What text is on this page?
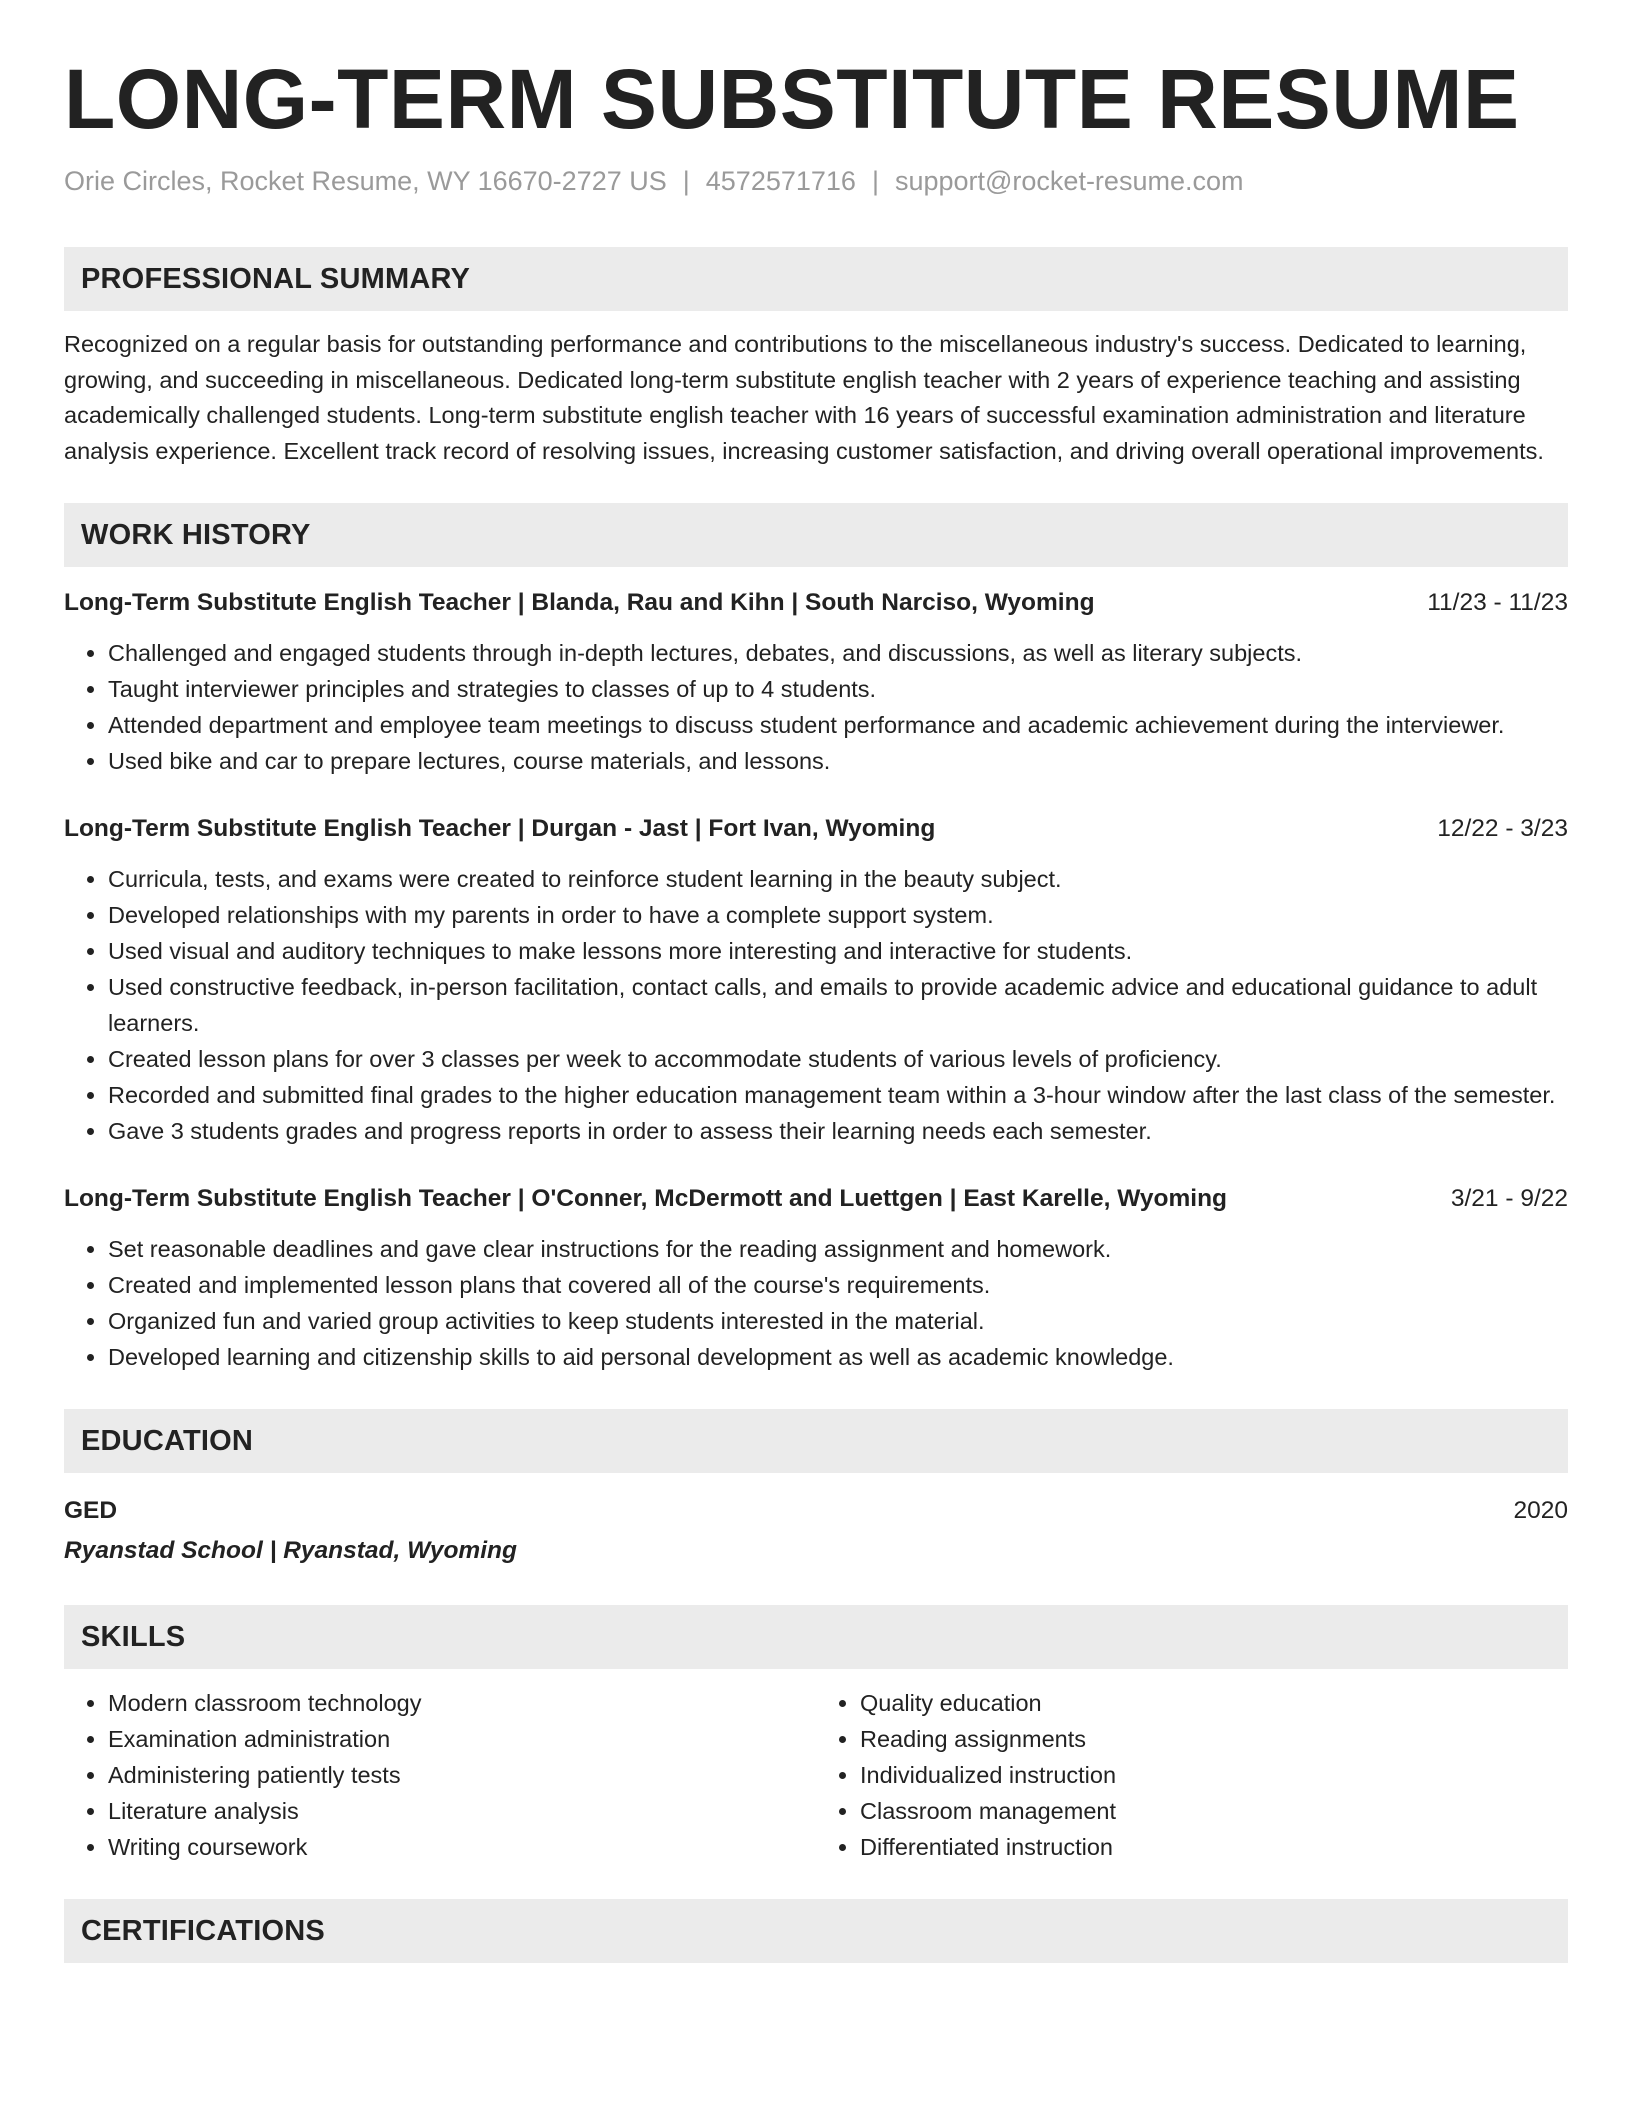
LONG-TERM SUBSTITUTE RESUME
Orie Circles, Rocket Resume, WY 16670-2727 US | 4572571716 | support@rocket-resume.com
PROFESSIONAL SUMMARY

Recognized on a regular basis for outstanding performance and contributions to the miscellaneous industry's success. Dedicated to learning, growing, and succeeding in miscellaneous. Dedicated long-term substitute english teacher with 2 years of experience teaching and assisting academically challenged students. Long-term substitute english teacher with 16 years of successful examination administration and literature analysis experience. Excellent track record of resolving issues, increasing customer satisfaction, and driving overall operational improvements.

WORK HISTORY
Long-Term Substitute English Teacher | Blanda, Rau and Kihn | South Narciso, Wyoming	11/23 - 11/23
• Challenged and engaged students through in-depth lectures, debates, and discussions, as well as literary subjects.
• Taught interviewer principles and strategies to classes of up to 4 students.
• Attended department and employee team meetings to discuss student performance and academic achievement during the interviewer.
• Used bike and car to prepare lectures, course materials, and lessons.
Long-Term Substitute English Teacher | Durgan - Jast | Fort Ivan, Wyoming	12/22 - 3/23
• Curricula, tests, and exams were created to reinforce student learning in the beauty subject.
• Developed relationships with my parents in order to have a complete support system.
• Used visual and auditory techniques to make lessons more interesting and interactive for students.
• Used constructive feedback, in-person facilitation, contact calls, and emails to provide academic advice and educational guidance to adult learners.
• Created lesson plans for over 3 classes per week to accommodate students of various levels of proficiency.
• Recorded and submitted final grades to the higher education management team within a 3-hour window after the last class of the semester.
• Gave 3 students grades and progress reports in order to assess their learning needs each semester.
Long-Term Substitute English Teacher | O'Conner, McDermott and Luettgen | East Karelle, Wyoming	3/21 - 9/22
• Set reasonable deadlines and gave clear instructions for the reading assignment and homework.
• Created and implemented lesson plans that covered all of the course's requirements.
• Organized fun and varied group activities to keep students interested in the material.
• Developed learning and citizenship skills to aid personal development as well as academic knowledge.
EDUCATION
GED	2020
Ryanstad School | Ryanstad, Wyoming
SKILLS
• Modern classroom technology
• Examination administration
• Administering patiently tests
• Literature analysis
• Writing coursework
• Quality education
• Reading assignments
• Individualized instruction
• Classroom management
• Differentiated instruction
CERTIFICATIONS
